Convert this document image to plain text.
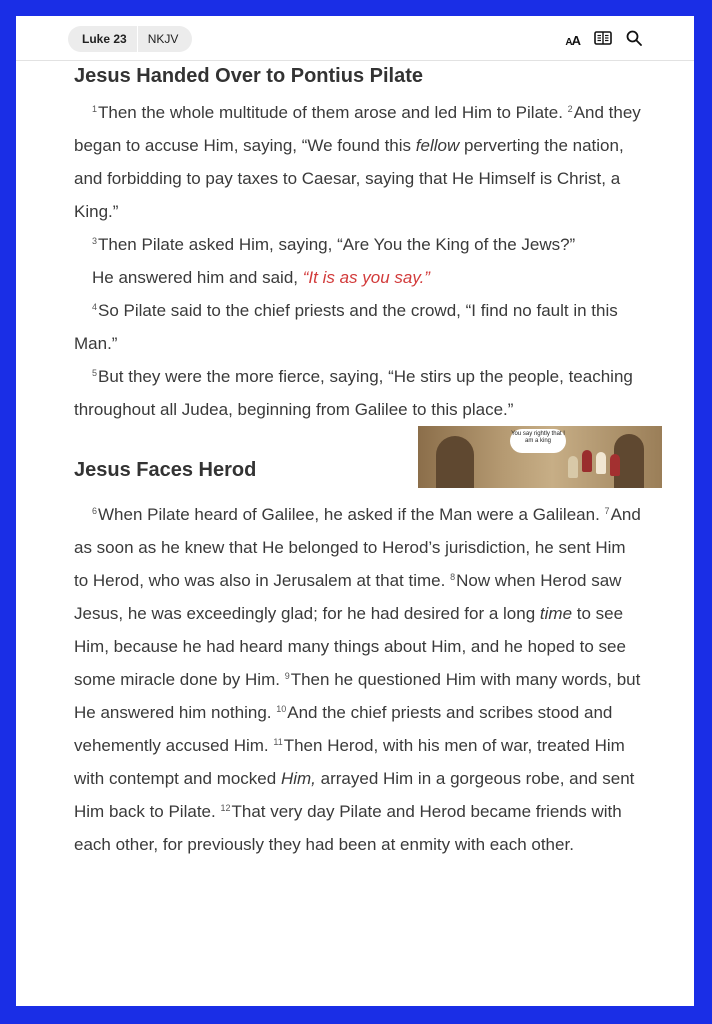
Luke 23	NKJV	AA
Jesus Handed Over to Pontius Pilate

$^1$Then the whole multitude of them arose and led Him to Pilate. $^2$And they began to accuse Him, saying, “We found this fellow perverting the nation, and forbidding to pay taxes to Caesar, saying that He Himself is Christ, a King.”

$^3$Then Pilate asked Him, saying, “Are You the King of the Jews?”

He answered him and said, “It is as you say.”

$^4$So Pilate said to the chief priests and the crowd, “I find no fault in this Man.”

$^5$But they were the more fierce, saying, “He stirs up the people, teaching throughout all Judea, beginning from Galilee to this place.”

Jesus Faces Herod
You say rightly that I am a king

$^6$When Pilate heard of Galilee, he asked if the Man were a Galilean. $^7$And as soon as he knew that He belonged to Herod’s jurisdiction, he sent Him to Herod, who was also in Jerusalem at that time. $^8$Now when Herod saw Jesus, he was exceedingly glad; for he had desired for a long time to see Him, because he had heard many things about Him, and he hoped to see some miracle done by Him. $^9$Then he questioned Him with many words, but He answered him nothing. $^{10}$And the chief priests and scribes stood and vehemently accused Him. $^{11}$Then Herod, with his men of war, treated Him with contempt and mocked Him, arrayed Him in a gorgeous robe, and sent Him back to Pilate. $^{12}$That very day Pilate and Herod became friends with each other, for previously they had been at enmity with each other.
